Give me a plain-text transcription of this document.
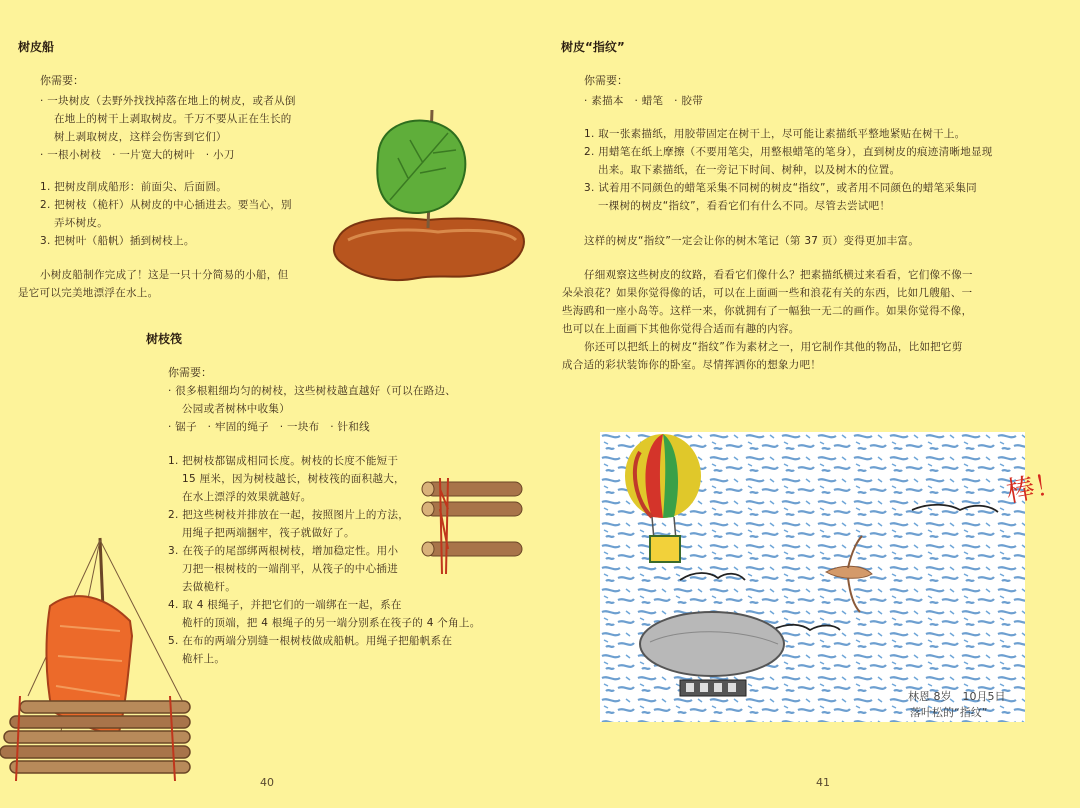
树皮船
你需要：
· 一块树皮（去野外找找掉落在地上的树皮，或者从倒
在地上的树干上剥取树皮。千万不要从正在生长的
树上剥取树皮，这样会伤害到它们）
· 一根小树枝　· 一片宽大的树叶　· 小刀
1. 把树皮削成船形：前面尖、后面圆。
2. 把树枝（桅杆）从树皮的中心插进去。要当心，别
弄坏树皮。
3. 把树叶（船帆）插到树枝上。
小树皮船制作完成了！这是一只十分简易的小船，但
是它可以完美地漂浮在水上。
树枝筏
你需要：
· 很多根粗细均匀的树枝，这些树枝越直越好（可以在路边、
公园或者树林中收集）
· 锯子　· 牢固的绳子　· 一块布　· 针和线
1. 把树枝都锯成相同长度。树枝的长度不能短于
15 厘米，因为树枝越长，树枝筏的面积越大，
在水上漂浮的效果就越好。
2. 把这些树枝并排放在一起，按照图片上的方法，
用绳子把两端捆牢，筏子就做好了。
3. 在筏子的尾部绑两根树枝，增加稳定性。用小
刀把一根树枝的一端削平，从筏子的中心插进
去做桅杆。
4. 取 4 根绳子，并把它们的一端绑在一起，系在
桅杆的顶端，把 4 根绳子的另一端分别系在筏子的 4 个角上。
5. 在布的两端分别缝一根树枝做成船帆。用绳子把船帆系在
桅杆上。
40
树皮“指纹”
你需要：
· 素描本　· 蜡笔　· 胶带
1. 取一张素描纸，用胶带固定在树干上，尽可能让素描纸平整地紧贴在树干上。
2. 用蜡笔在纸上摩擦（不要用笔尖，用整根蜡笔的笔身），直到树皮的痕迹清晰地显现
出来。取下素描纸，在一旁记下时间、树种，以及树木的位置。
3. 试着用不同颜色的蜡笔采集不同树的树皮“指纹”，或者用不同颜色的蜡笔采集同
一棵树的树皮“指纹”，看看它们有什么不同。尽管去尝试吧！
这样的树皮“指纹”一定会让你的树木笔记（第 37 页）变得更加丰富。
仔细观察这些树皮的纹路，看看它们像什么？把素描纸横过来看看，它们像不像一
朵朵浪花？如果你觉得像的话，可以在上面画一些和浪花有关的东西，比如几艘船、一
些海鸥和一座小岛等。这样一来，你就拥有了一幅独一无二的画作。如果你觉得不像，
也可以在上面画下其他你觉得合适而有趣的内容。
你还可以把纸上的树皮“指纹”作为素材之一，用它制作其他的物品，比如把它剪
成合适的彩状装饰你的卧室。尽情挥洒你的想象力吧！
棒！
林恩 8岁　10月5日
落叶松的“指纹”
41
